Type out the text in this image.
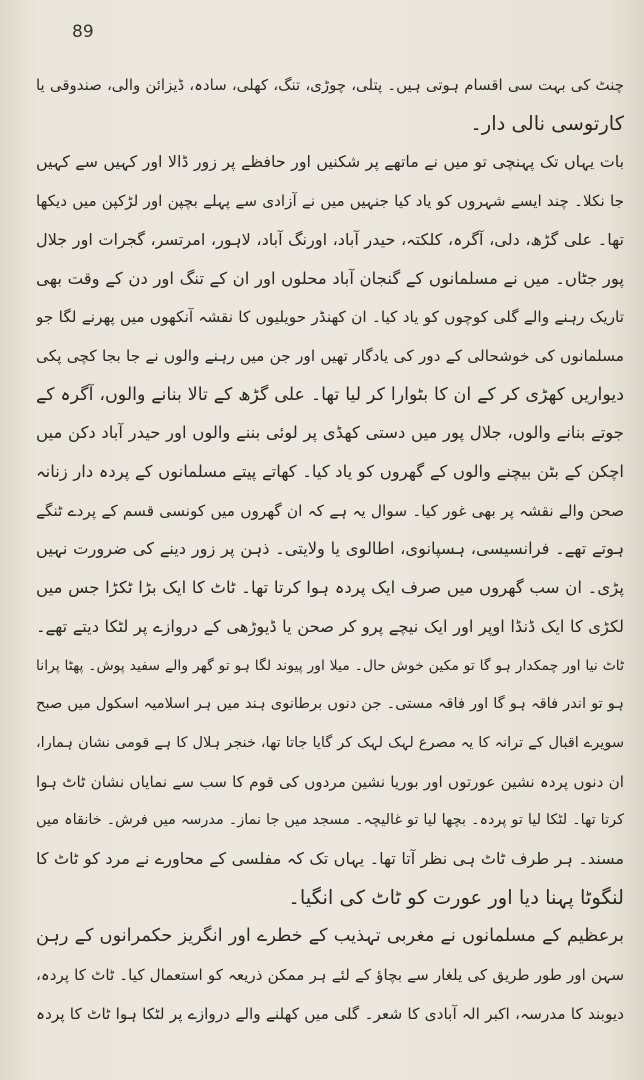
89

چنٹ کی بہت سی اقسام ہوتی ہیں۔ پتلی، چوڑی، تنگ، کھلی، سادہ، ڈیزائن والی، صندوقی یا
کارتوسی نالی دار۔

بات یہاں تک پہنچی تو میں نے ماتھے پر شکنیں اور حافظے پر زور ڈالا اور کہیں سے کہیں
جا نکلا۔ چند ایسے شہروں کو یاد کیا جنہیں میں نے آزادی سے پہلے بچپن اور لڑکپن میں دیکھا
تھا۔ علی گڑھ، دلی، آگرہ، کلکتہ، حیدر آباد، اورنگ آباد، لاہور، امرتسر، گجرات اور جلال
پور جٹاں۔ میں نے مسلمانوں کے گنجان آباد محلوں اور ان کے تنگ اور دن کے وقت بھی
تاریک رہنے والے گلی کوچوں کو یاد کیا۔ ان کھنڈر حویلیوں کا نقشہ آنکھوں میں پھرنے لگا جو
مسلمانوں کی خوشحالی کے دور کی یادگار تھیں اور جن میں رہنے والوں نے جا بجا کچی پکی
دیواریں کھڑی کر کے ان کا بٹوارا کر لیا تھا۔ علی گڑھ کے تالا بنانے والوں، آگرہ کے
جوتے بنانے والوں، جلال پور میں دستی کھڈی پر لوئی بننے والوں اور حیدر آباد دکن میں
اچکن کے بٹن بیچنے والوں کے گھروں کو یاد کیا۔ کھاتے پیتے مسلمانوں کے پردہ دار زنانہ
صحن والے نقشہ پر بھی غور کیا۔ سوال یہ ہے کہ ان گھروں میں کونسی قسم کے پردے ٹنگے
ہوتے تھے۔ فرانسیسی، ہسپانوی، اطالوی یا ولایتی۔ ذہن پر زور دینے کی ضرورت نہیں
پڑی۔ ان سب گھروں میں صرف ایک پردہ ہوا کرتا تھا۔ ٹاٹ کا ایک بڑا ٹکڑا جس میں
لکڑی کا ایک ڈنڈا اوپر اور ایک نیچے پرو کر صحن یا ڈیوڑھی کے دروازے پر لٹکا دیتے تھے۔
ٹاٹ نیا اور چمکدار ہو گا تو مکین خوش حال۔ میلا اور پیوند لگا ہو تو گھر والے سفید پوش۔ پھٹا پرانا
ہو تو اندر فاقہ ہو گا اور فاقہ مستی۔ جن دنوں برطانوی ہند میں ہر اسلامیہ اسکول میں صبح
سویرے اقبال کے ترانہ کا یہ مصرع لہک لہک کر گایا جاتا تھا، خنجر ہلال کا ہے قومی نشان ہمارا،
ان دنوں پردہ نشین عورتوں اور بوریا نشین مردوں کی قوم کا سب سے نمایاں نشان ٹاٹ ہوا
کرتا تھا۔ لٹکا لیا تو پردہ۔ بچھا لیا تو غالیچہ۔ مسجد میں جا نماز۔ مدرسہ میں فرش۔ خانقاہ میں
مسند۔ ہر طرف ٹاٹ ہی نظر آتا تھا۔ یہاں تک کہ مفلسی کے محاورے نے مرد کو ٹاٹ کا
لنگوٹا پہنا دیا اور عورت کو ٹاٹ کی انگیا۔

برعظیم کے مسلمانوں نے مغربی تہذیب کے خطرے اور انگریز حکمرانوں کے رہن
سہن اور طور طریق کی یلغار سے بچاؤ کے لئے ہر ممکن ذریعہ کو استعمال کیا۔ ٹاٹ کا پردہ،
دیوبند کا مدرسہ، اکبر الہ آبادی کا شعر۔ گلی میں کھلنے والے دروازے پر لٹکا ہوا ٹاٹ کا پردہ
